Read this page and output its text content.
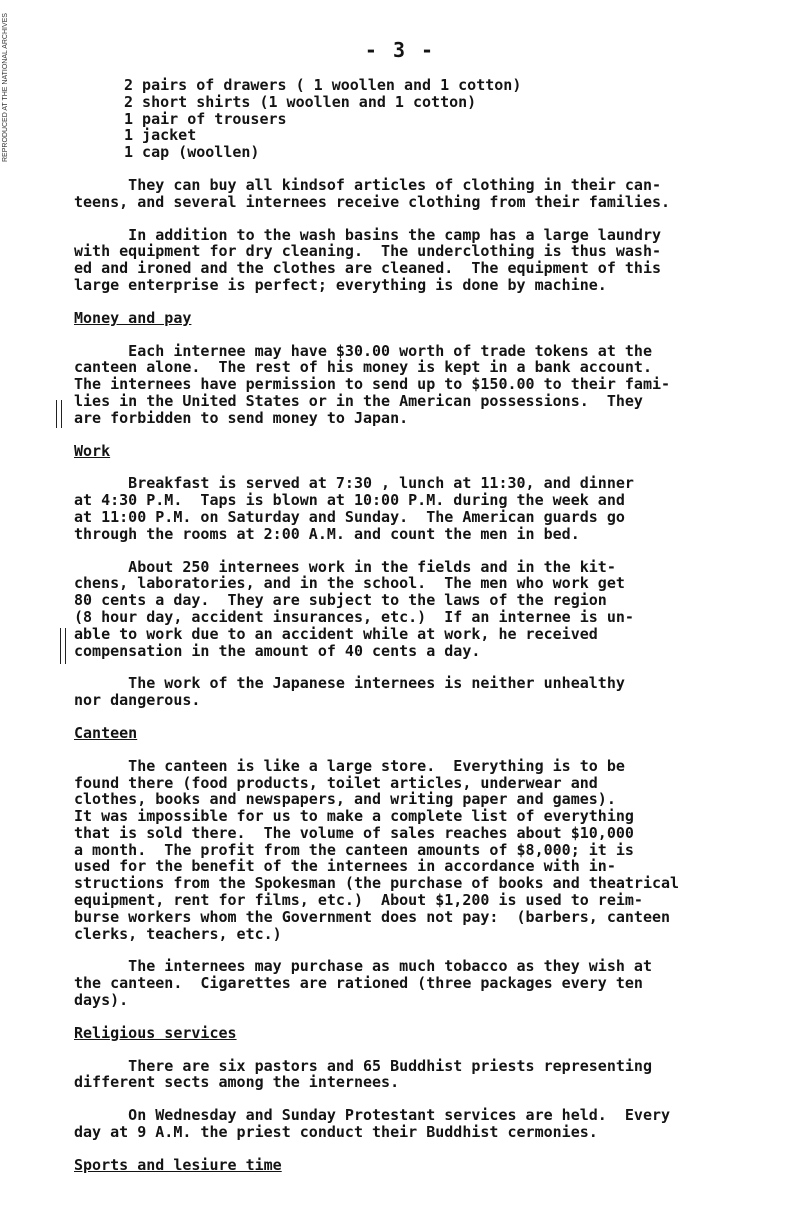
REPRODUCED AT THE NATIONAL ARCHIVES	- 3 -
2 pairs of drawers ( 1 woollen and 1 cotton)
2 short shirts (1 woollen and 1 cotton)
1 pair of trousers
1 jacket
1 cap (woollen)
They can buy all kindsof articles of clothing in their can-
teens, and several internees receive clothing from their families.
In addition to the wash basins the camp has a large laundry
with equipment for dry cleaning.  The underclothing is thus wash-
ed and ironed and the clothes are cleaned.  The equipment of this
large enterprise is perfect; everything is done by machine.
Money and pay
Each internee may have $30.00 worth of trade tokens at the
canteen alone.  The rest of his money is kept in a bank account.
The internees have permission to send up to $150.00 to their fami-
lies in the United States or in the American possessions.  They
are forbidden to send money to Japan.
Work
Breakfast is served at 7:30 , lunch at 11:30, and dinner
at 4:30 P.M.  Taps is blown at 10:00 P.M. during the week and
at 11:00 P.M. on Saturday and Sunday.  The American guards go
through the rooms at 2:00 A.M. and count the men in bed.
About 250 internees work in the fields and in the kit-
chens, laboratories, and in the school.  The men who work get
80 cents a day.  They are subject to the laws of the region
(8 hour day, accident insurances, etc.)  If an internee is un-
able to work due to an accident while at work, he received
compensation in the amount of 40 cents a day.
The work of the Japanese internees is neither unhealthy
nor dangerous.
Canteen
The canteen is like a large store.  Everything is to be
found there (food products, toilet articles, underwear and
clothes, books and newspapers, and writing paper and games).
It was impossible for us to make a complete list of everything
that is sold there.  The volume of sales reaches about $10,000
a month.  The profit from the canteen amounts of $8,000; it is
used for the benefit of the internees in accordance with in-
structions from the Spokesman (the purchase of books and theatrical
equipment, rent for films, etc.)  About $1,200 is used to reim-
burse workers whom the Government does not pay:  (barbers, canteen
clerks, teachers, etc.)
The internees may purchase as much tobacco as they wish at
the canteen.  Cigarettes are rationed (three packages every ten
days).
Religious services
There are six pastors and 65 Buddhist priests representing
different sects among the internees.
On Wednesday and Sunday Protestant services are held.  Every
day at 9 A.M. the priest conduct their Buddhist cermonies.
Sports and lesiure time
